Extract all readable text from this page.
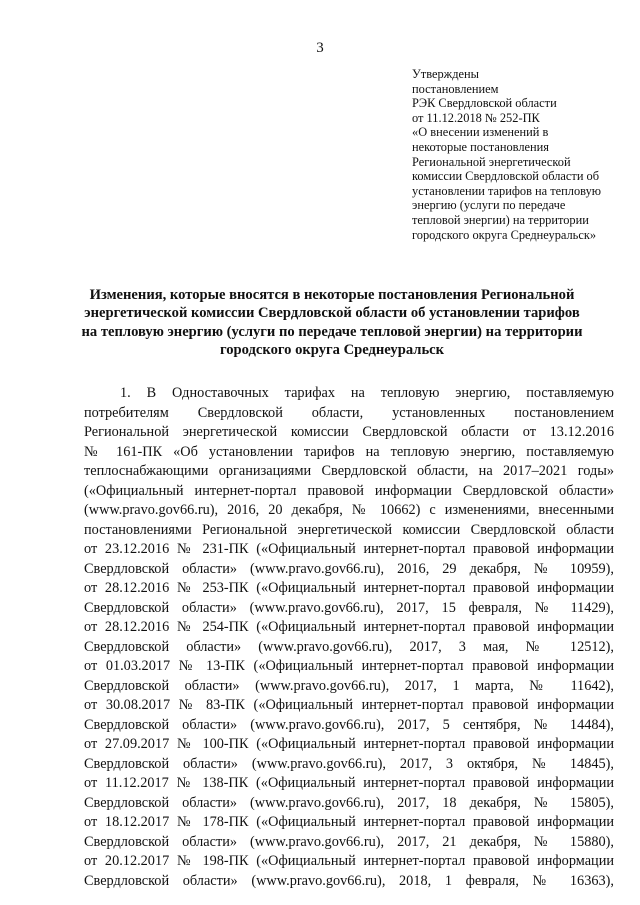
3
Утверждены
постановлением
РЭК Свердловской области
от 11.12.2018 № 252-ПК
«О внесении изменений в
некоторые постановления
Региональной энергетической
комиссии Свердловской области об
установлении тарифов на тепловую
энергию (услуги по передаче
тепловой энергии) на территории
городского округа Среднеуральск»
Изменения, которые вносятся в некоторые постановления Региональной
энергетической комиссии Свердловской области об установлении тарифов
на тепловую энергию (услуги по передаче тепловой энергии) на территории
городского округа Среднеуральск
1. В Одноставочных тарифах на тепловую энергию, поставляемую
потребителям Свердловской области, установленных постановлением
Региональной энергетической комиссии Свердловской области от 13.12.2016
№ 161-ПК «Об установлении тарифов на тепловую энергию, поставляемую
теплоснабжающими организациями Свердловской области, на 2017–2021 годы»
(«Официальный интернет-портал правовой информации Свердловской области»
(www.pravo.gov66.ru), 2016, 20 декабря, № 10662) с изменениями, внесенными
постановлениями Региональной энергетической комиссии Свердловской области
от 23.12.2016 № 231-ПК («Официальный интернет-портал правовой информации
Свердловской области» (www.pravo.gov66.ru), 2016, 29 декабря, № 10959),
от 28.12.2016 № 253-ПК («Официальный интернет-портал правовой информации
Свердловской области» (www.pravo.gov66.ru), 2017, 15 февраля, № 11429),
от 28.12.2016 № 254-ПК («Официальный интернет-портал правовой информации
Свердловской области» (www.pravo.gov66.ru), 2017, 3 мая, № 12512),
от 01.03.2017 № 13-ПК («Официальный интернет-портал правовой информации
Свердловской области» (www.pravo.gov66.ru), 2017, 1 марта, № 11642),
от 30.08.2017 № 83-ПК («Официальный интернет-портал правовой информации
Свердловской области» (www.pravo.gov66.ru), 2017, 5 сентября, № 14484),
от 27.09.2017 № 100-ПК («Официальный интернет-портал правовой информации
Свердловской области» (www.pravo.gov66.ru), 2017, 3 октября, № 14845),
от 11.12.2017 № 138-ПК («Официальный интернет-портал правовой информации
Свердловской области» (www.pravo.gov66.ru), 2017, 18 декабря, № 15805),
от 18.12.2017 № 178-ПК («Официальный интернет-портал правовой информации
Свердловской области» (www.pravo.gov66.ru), 2017, 21 декабря, № 15880),
от 20.12.2017 № 198-ПК («Официальный интернет-портал правовой информации
Свердловской области» (www.pravo.gov66.ru), 2018, 1 февраля, № 16363),
